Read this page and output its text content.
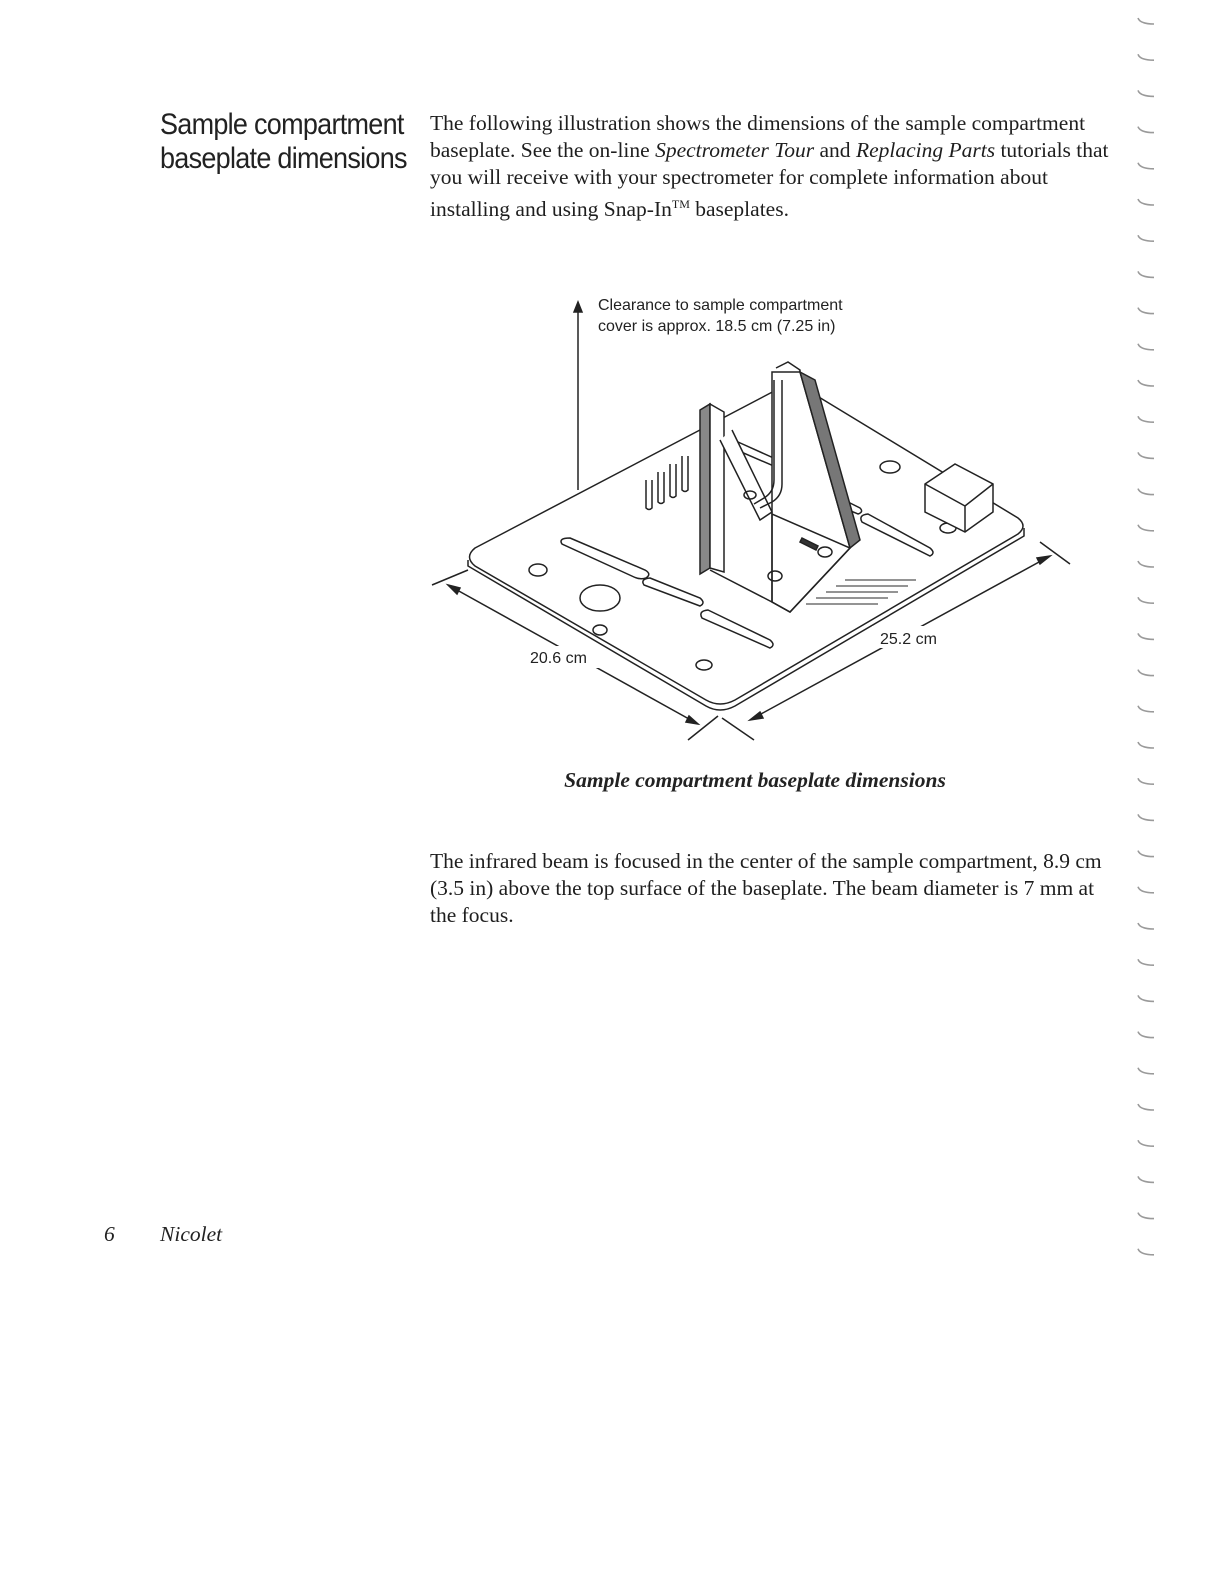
Sample compartment
baseplate dimensions

The following illustration shows the dimensions of the sample compartment baseplate. See the on-line Spectrometer Tour and Replacing Parts tutorials that you will receive with your spectrometer for complete information about installing and using Snap-In™ baseplates.

Clearance to sample compartment
cover is approx. 18.5 cm (7.25 in)
20.6 cm
25.2 cm
Sample compartment baseplate dimensions

The infrared beam is focused in the center of the sample compartment, 8.9 cm (3.5 in) above the top surface of the baseplate. The beam diameter is 7 mm at the focus.

6 Nicolet
